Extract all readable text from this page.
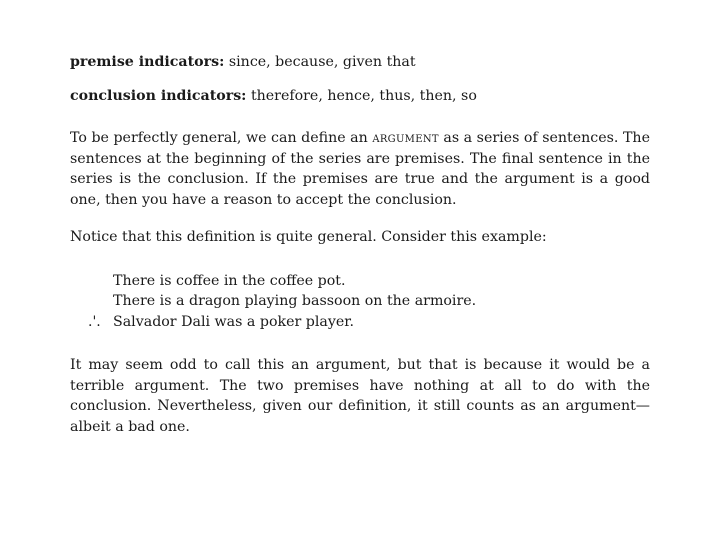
premise indicators: since, because, given that

conclusion indicators: therefore, hence, thus, then, so

To be perfectly general, we can define an argument as a series of sentences. The sentences at the beginning of the series are premises. The final sentence in the series is the conclusion. If the premises are true and the argument is a good one, then you have a reason to accept the conclusion.

Notice that this definition is quite general. Consider this example:

There is coffee in the coffee pot.
There is a dragon playing bassoon on the armoire.
.'. Salvador Dali was a poker player.

It may seem odd to call this an argument, but that is because it would be a terrible argument. The two premises have nothing at all to do with the conclusion. Nevertheless, given our definition, it still counts as an argument—albeit a bad one.
